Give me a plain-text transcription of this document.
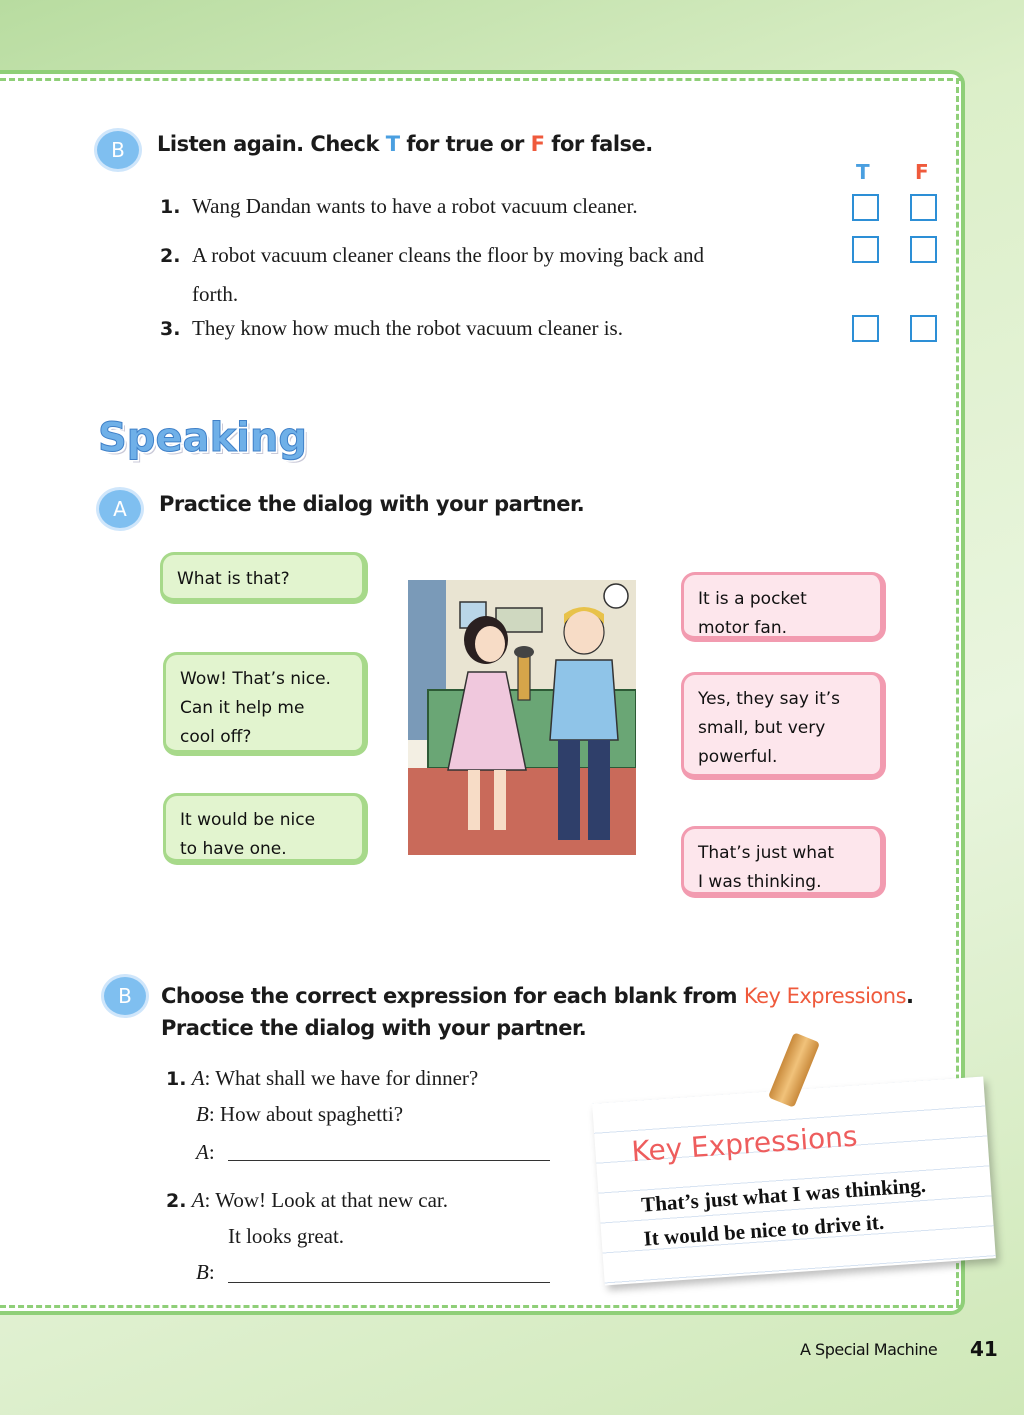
B	Listen again. Check T for true or F for false.
T F
1. Wang Dandan wants to have a robot vacuum cleaner.
2. A robot vacuum cleaner cleans the floor by moving back and
forth.
3. They know how much the robot vacuum cleaner is.
Speaking
A	Practice the dialog with your partner.
What is that?
Wow! That’s nice.
Can it help me
cool off?
It would be nice
to have one.
It is a pocket
motor fan.
Yes, they say it’s
small, but very
powerful.
That’s just what
I was thinking.
B	Choose the correct expression for each blank from Key Expressions.
Practice the dialog with your partner.
1. A: What shall we have for dinner?
B: How about spaghetti?
A:
2. A: Wow! Look at that new car.
It looks great.
B:
Key Expressions
That’s just what I was thinking.
It would be nice to drive it.
A Special Machine 41
